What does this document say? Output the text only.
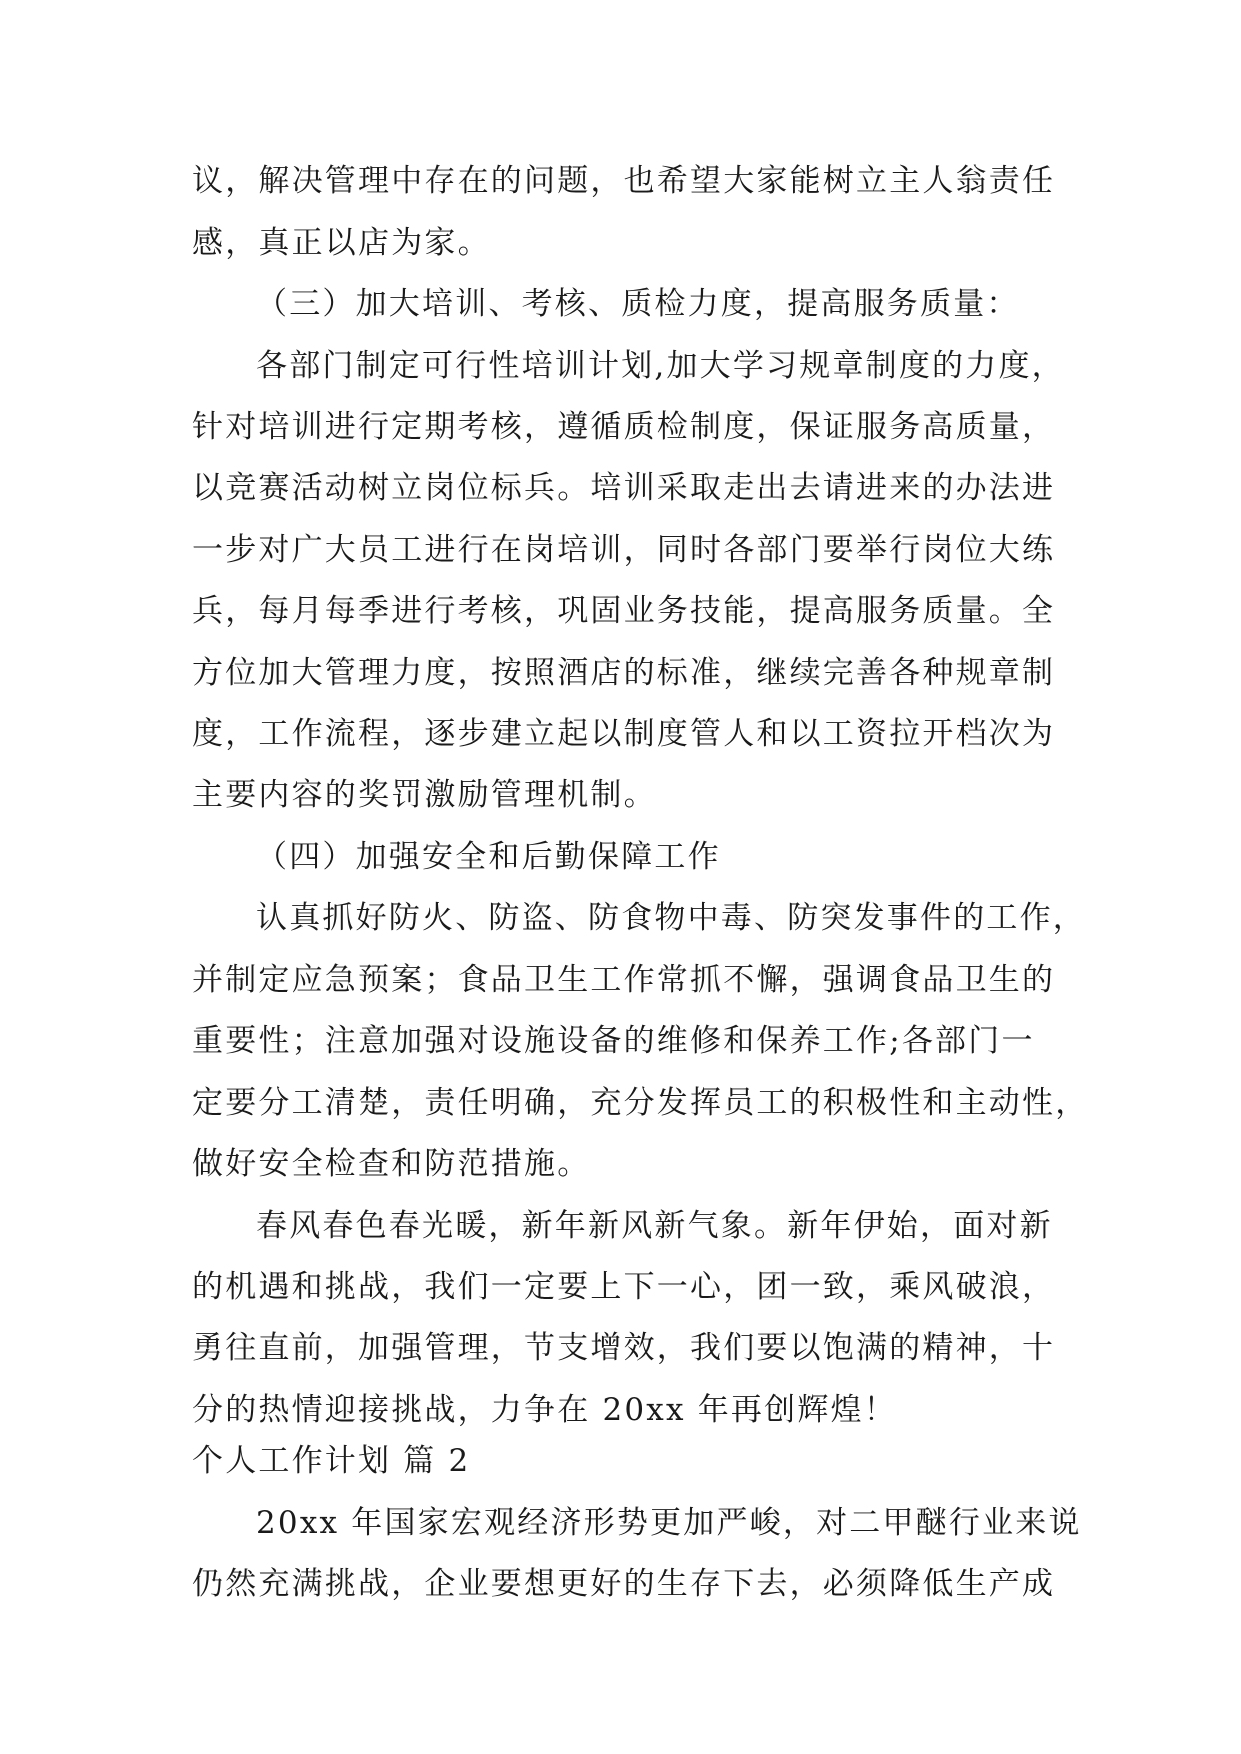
议，解决管理中存在的问题，也希望大家能树立主人翁责任
感，真正以店为家。
（三）加大培训、考核、质检力度，提高服务质量：
各部门制定可行性培训计划,加大学习规章制度的力度，
针对培训进行定期考核，遵循质检制度，保证服务高质量，
以竞赛活动树立岗位标兵。培训采取走出去请进来的办法进
一步对广大员工进行在岗培训，同时各部门要举行岗位大练
兵，每月每季进行考核，巩固业务技能，提高服务质量。全
方位加大管理力度，按照酒店的标准，继续完善各种规章制
度，工作流程，逐步建立起以制度管人和以工资拉开档次为
主要内容的奖罚激励管理机制。
（四）加强安全和后勤保障工作
认真抓好防火、防盗、防食物中毒、防突发事件的工作，
并制定应急预案；食品卫生工作常抓不懈，强调食品卫生的
重要性；注意加强对设施设备的维修和保养工作;各部门一
定要分工清楚，责任明确，充分发挥员工的积极性和主动性，
做好安全检查和防范措施。
春风春色春光暖，新年新风新气象。新年伊始，面对新
的机遇和挑战，我们一定要上下一心，团一致，乘风破浪，
勇往直前，加强管理，节支增效，我们要以饱满的精神，十
分的热情迎接挑战，力争在 20xx 年再创辉煌！
个人工作计划 篇 2
20xx 年国家宏观经济形势更加严峻，对二甲醚行业来说
仍然充满挑战，企业要想更好的生存下去，必须降低生产成
